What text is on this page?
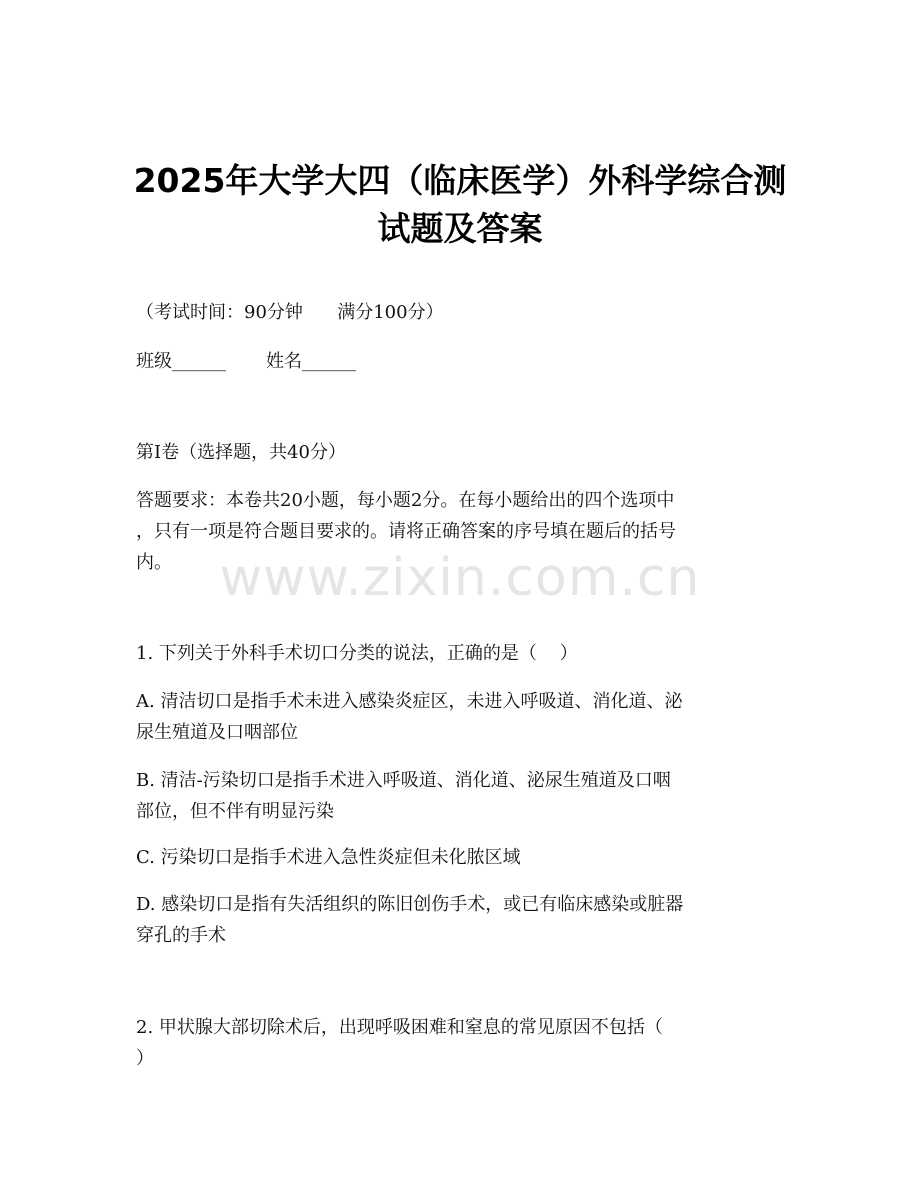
2025年大学大四（临床医学）外科学综合测
试题及答案
（考试时间：90分钟      满分100分）
班级______       姓名______
第I卷（选择题，共40分）
答题要求：本卷共20小题，每小题2分。在每小题给出的四个选项中
，只有一项是符合题目要求的。请将正确答案的序号填在题后的括号
内。 www.zixin.com.cn
1. 下列关于外科手术切口分类的说法，正确的是（    ）
A. 清洁切口是指手术未进入感染炎症区，未进入呼吸道、消化道、泌
尿生殖道及口咽部位
B. 清洁-污染切口是指手术进入呼吸道、消化道、泌尿生殖道及口咽
部位，但不伴有明显污染
C. 污染切口是指手术进入急性炎症但未化脓区域
D. 感染切口是指有失活组织的陈旧创伤手术，或已有临床感染或脏器
穿孔的手术
2. 甲状腺大部切除术后，出现呼吸困难和窒息的常见原因不包括（
）
